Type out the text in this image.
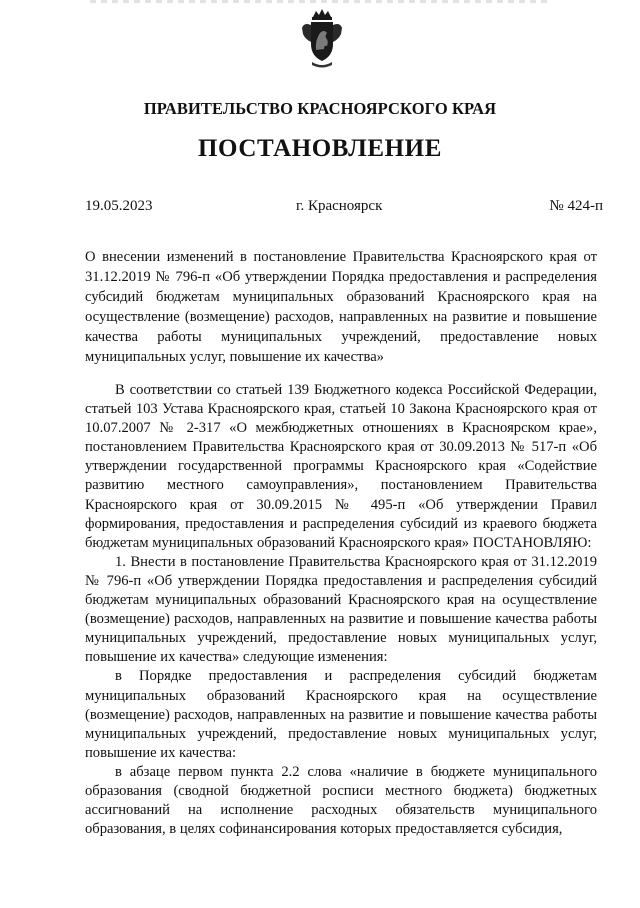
ПРАВИТЕЛЬСТВО КРАСНОЯРСКОГО КРАЯ
ПОСТАНОВЛЕНИЕ
19.05.2023	г. Красноярск	№ 424-п
О внесении изменений в постановление Правительства Красноярского края от 31.12.2019 № 796-п «Об утверждении Порядка предоставления и распределения субсидий бюджетам муниципальных образований Красноярского края на осуществление (возмещение) расходов, направленных на развитие и повышение качества работы муниципальных учреждений, предоставление новых муниципальных услуг, повышение их качества»

В соответствии со статьей 139 Бюджетного кодекса Российской Федерации, статьей 103 Устава Красноярского края, статьей 10 Закона Красноярского края от 10.07.2007 № 2-317 «О межбюджетных отношениях в Красноярском крае», постановлением Правительства Красноярского края от 30.09.2013 № 517-п «Об утверждении государственной программы Красноярского края «Содействие развитию местного самоуправления», постановлением Правительства Красноярского края от 30.09.2015 № 495-п «Об утверждении Правил формирования, предоставления и распределения субсидий из краевого бюджета бюджетам муниципальных образований Красноярского края» ПОСТАНОВЛЯЮ:

1. Внести в постановление Правительства Красноярского края от 31.12.2019 № 796-п «Об утверждении Порядка предоставления и распределения субсидий бюджетам муниципальных образований Красноярского края на осуществление (возмещение) расходов, направленных на развитие и повышение качества работы муниципальных учреждений, предоставление новых муниципальных услуг, повышение их качества» следующие изменения:

в Порядке предоставления и распределения субсидий бюджетам муниципальных образований Красноярского края на осуществление (возмещение) расходов, направленных на развитие и повышение качества работы муниципальных учреждений, предоставление новых муниципальных услуг, повышение их качества:

в абзаце первом пункта 2.2 слова «наличие в бюджете муниципального образования (сводной бюджетной росписи местного бюджета) бюджетных ассигнований на исполнение расходных обязательств муниципального образования, в целях софинансирования которых предоставляется субсидия,
